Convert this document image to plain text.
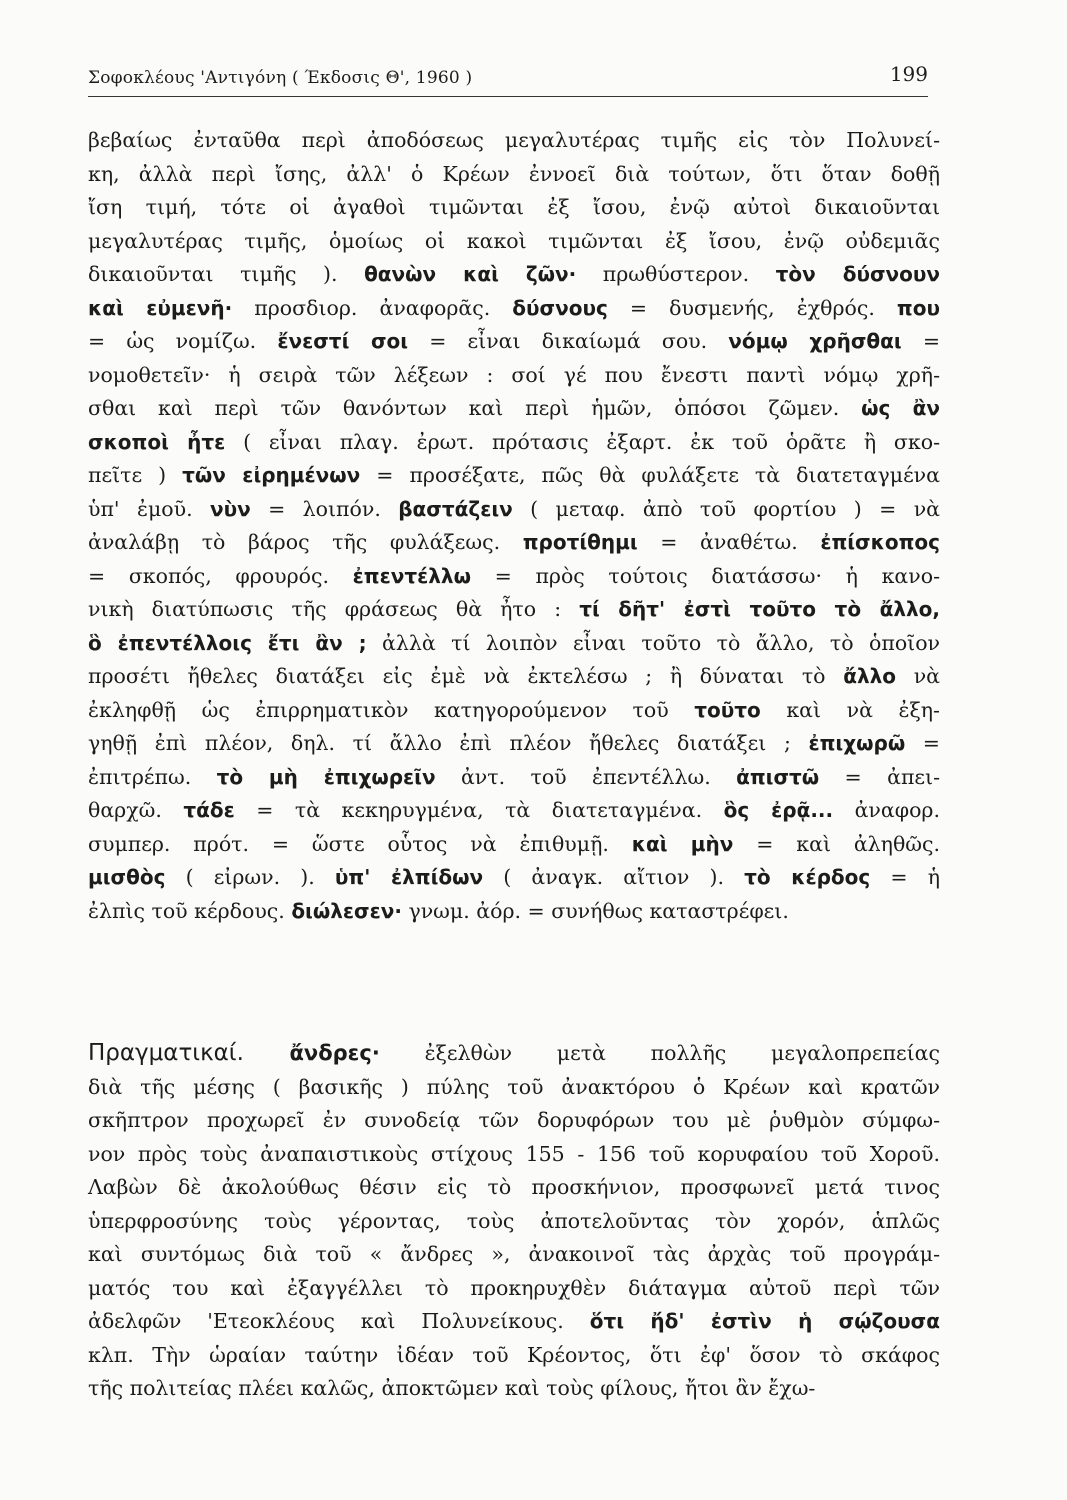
Σοφοκλέους 'Αντιγόνη ( Έκδοσις Θ', 1960 )	199
βεβαίως ἐνταῦθα περὶ ἀποδόσεως μεγαλυτέρας τιμῆς εἰς τὸν Πολυνεί-
κη, ἀλλὰ περὶ ἴσης, ἀλλ' ὁ Κρέων ἐννοεῖ διὰ τούτων, ὅτι ὅταν δοθῇ
ἴση τιμή, τότε οἱ ἀγαθοὶ τιμῶνται ἐξ ἴσου, ἐνῷ αὐτοὶ δικαιοῦνται
μεγαλυτέρας τιμῆς, ὁμοίως οἱ κακοὶ τιμῶνται ἐξ ἴσου, ἐνῷ οὐδεμιᾶς
δικαιοῦνται τιμῆς ). θανὼν καὶ ζῶν· πρωθύστερον. τὸν δύσνουν
καὶ εὐμενῆ· προσδιορ. ἀναφορᾶς. δύσνους = δυσμενής, ἐχθρός. που
= ὡς νομίζω. ἔνεστί σοι = εἶναι δικαίωμά σου. νόμῳ χρῆσθαι =
νομοθετεῖν· ἡ σειρὰ τῶν λέξεων : σοί γέ που ἔνεστι παντὶ νόμῳ χρῆ-
σθαι καὶ περὶ τῶν θανόντων καὶ περὶ ἡμῶν, ὁπόσοι ζῶμεν. ὡς ἂν
σκοποὶ ἦτε ( εἶναι πλαγ. ἐρωτ. πρότασις ἐξαρτ. ἐκ τοῦ ὁρᾶτε ἢ σκο-
πεῖτε ) τῶν εἰρημένων = προσέξατε, πῶς θὰ φυλάξετε τὰ διατεταγμένα
ὑπ' ἐμοῦ. νὺν = λοιπόν. βαστάζειν ( μεταφ. ἀπὸ τοῦ φορτίου ) = νὰ
ἀναλάβῃ τὸ βάρος τῆς φυλάξεως. προτίθημι = ἀναθέτω. ἐπίσκοπος
= σκοπός, φρουρός. ἐπεντέλλω = πρὸς τούτοις διατάσσω· ἡ κανο-
νικὴ διατύπωσις τῆς φράσεως θὰ ἦτο : τί δῆτ' ἐστὶ τοῦτο τὸ ἄλλο,
ὃ ἐπεντέλλοις ἔτι ἂν ; ἀλλὰ τί λοιπὸν εἶναι τοῦτο τὸ ἄλλο, τὸ ὁποῖον
προσέτι ἤθελες διατάξει εἰς ἐμὲ νὰ ἐκτελέσω ; ἢ δύναται τὸ ἄλλο νὰ
ἐκληφθῇ ὡς ἐπιρρηματικὸν κατηγορούμενον τοῦ τοῦτο καὶ νὰ ἐξη-
γηθῇ ἐπὶ πλέον, δηλ. τί ἄλλο ἐπὶ πλέον ἤθελες διατάξει ; ἐπιχωρῶ =
ἐπιτρέπω. τὸ μὴ ἐπιχωρεῖν ἀντ. τοῦ ἐπεντέλλω. ἀπιστῶ = ἀπει-
θαρχῶ. τάδε = τὰ κεκηρυγμένα, τὰ διατεταγμένα. ὃς ἐρᾷ... ἀναφορ.
συμπερ. πρότ. = ὥστε οὗτος νὰ ἐπιθυμῇ. καὶ μὴν = καὶ ἀληθῶς.
μισθὸς ( εἰρων. ). ὑπ' ἐλπίδων ( ἀναγκ. αἴτιον ). τὸ κέρδος = ἡ
ἐλπὶς τοῦ κέρδους. διώλεσεν· γνωμ. ἀόρ. = συνήθως καταστρέφει.
Πραγματικαί. ἄνδρες· ἐξελθὼν μετὰ πολλῆς μεγαλοπρεπείας
διὰ τῆς μέσης ( βασικῆς ) πύλης τοῦ ἀνακτόρου ὁ Κρέων καὶ κρατῶν
σκῆπτρον προχωρεῖ ἐν συνοδείᾳ τῶν δορυφόρων του μὲ ῥυθμὸν σύμφω-
νον πρὸς τοὺς ἀναπαιστικοὺς στίχους 155 - 156 τοῦ κορυφαίου τοῦ Χοροῦ.
Λαβὼν δὲ ἀκολούθως θέσιν εἰς τὸ προσκήνιον, προσφωνεῖ μετά τινος
ὑπερφροσύνης τοὺς γέροντας, τοὺς ἀποτελοῦντας τὸν χορόν, ἁπλῶς
καὶ συντόμως διὰ τοῦ « ἄνδρες », ἀνακοινοῖ τὰς ἀρχὰς τοῦ προγράμ-
ματός του καὶ ἐξαγγέλλει τὸ προκηρυχθὲν διάταγμα αὐτοῦ περὶ τῶν
ἀδελφῶν 'Ετεοκλέους καὶ Πολυνείκους. ὅτι ἤδ' ἐστὶν ἡ σῴζουσα
κλπ. Τὴν ὡραίαν ταύτην ἰδέαν τοῦ Κρέοντος, ὅτι ἐφ' ὅσον τὸ σκάφος
τῆς πολιτείας πλέει καλῶς, ἀποκτῶμεν καὶ τοὺς φίλους, ἤτοι ἂν ἔχω-
